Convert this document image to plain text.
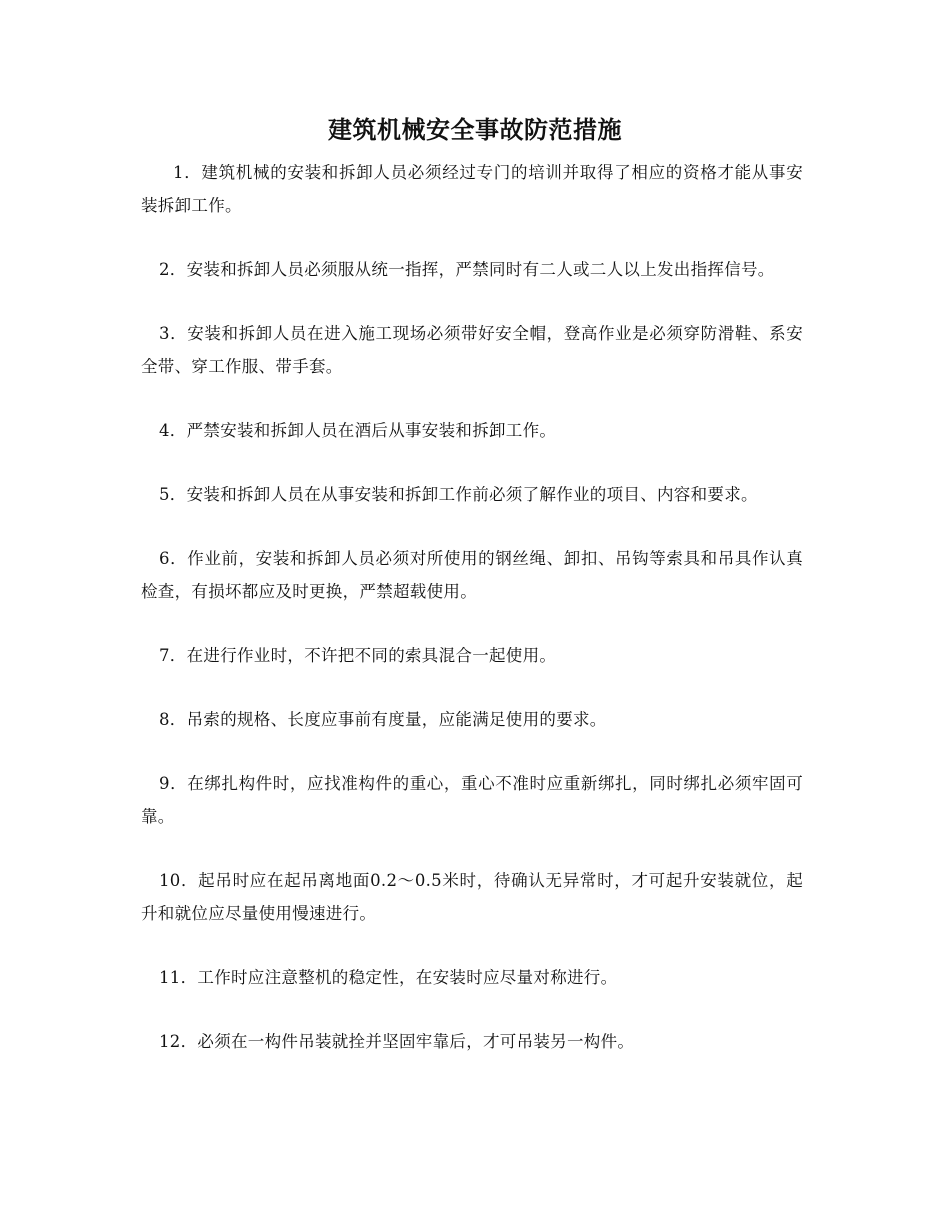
建筑机械安全事故防范措施

1．建筑机械的安装和拆卸人员必须经过专门的培训并取得了相应的资格才能从事安装拆卸工作。

2．安装和拆卸人员必须服从统一指挥，严禁同时有二人或二人以上发出指挥信号。

3．安装和拆卸人员在进入施工现场必须带好安全帽，登高作业是必须穿防滑鞋、系安全带、穿工作服、带手套。

4．严禁安装和拆卸人员在酒后从事安装和拆卸工作。

5．安装和拆卸人员在从事安装和拆卸工作前必须了解作业的项目、内容和要求。

6．作业前，安装和拆卸人员必须对所使用的钢丝绳、卸扣、吊钩等索具和吊具作认真检查，有损坏都应及时更换，严禁超载使用。

7．在进行作业时，不许把不同的索具混合一起使用。

8．吊索的规格、长度应事前有度量，应能满足使用的要求。

9．在绑扎构件时，应找准构件的重心，重心不准时应重新绑扎，同时绑扎必须牢固可靠。

10．起吊时应在起吊离地面0.2～0.5米时，待确认无异常时，才可起升安装就位，起升和就位应尽量使用慢速进行。

11．工作时应注意整机的稳定性，在安装时应尽量对称进行。

12．必须在一构件吊装就拴并坚固牢靠后，才可吊装另一构件。
